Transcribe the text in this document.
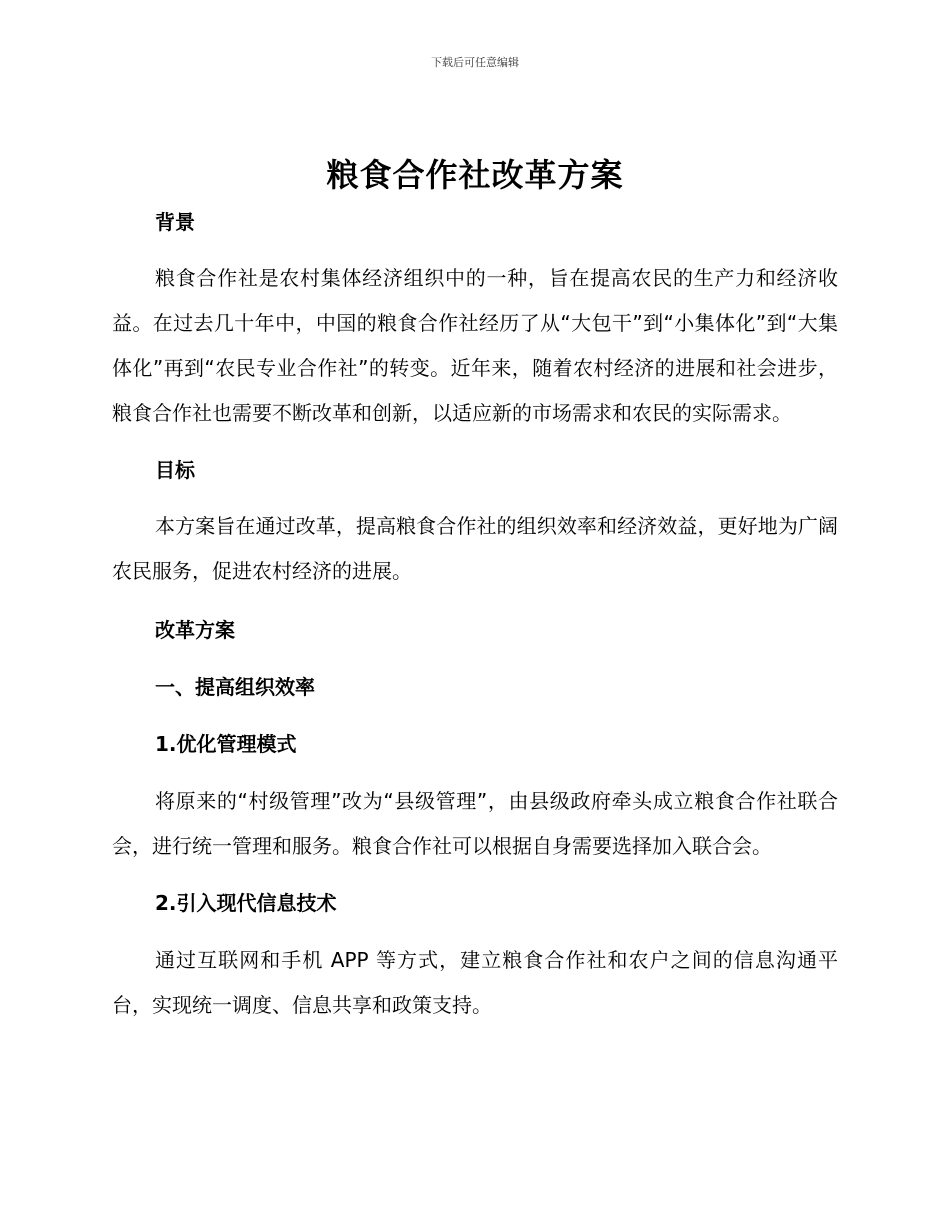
下载后可任意编辑
粮食合作社改革方案

背景

粮食合作社是农村集体经济组织中的一种，旨在提高农民的生产力和经济收益。在过去几十年中，中国的粮食合作社经历了从“大包干”到“小集体化”到“大集体化”再到“农民专业合作社”的转变。近年来，随着农村经济的进展和社会进步，粮食合作社也需要不断改革和创新，以适应新的市场需求和农民的实际需求。

目标

本方案旨在通过改革，提高粮食合作社的组织效率和经济效益，更好地为广阔农民服务，促进农村经济的进展。

改革方案

一、提高组织效率

1.优化管理模式

将原来的“村级管理”改为“县级管理”，由县级政府牵头成立粮食合作社联合会，进行统一管理和服务。粮食合作社可以根据自身需要选择加入联合会。

2.引入现代信息技术

通过互联网和手机 APP 等方式，建立粮食合作社和农户之间的信息沟通平台，实现统一调度、信息共享和政策支持。
